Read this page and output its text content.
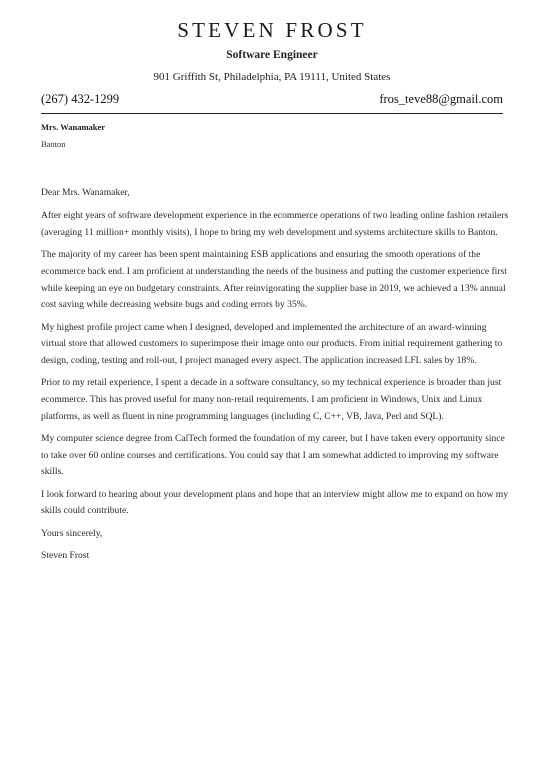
STEVEN FROST
Software Engineer
901 Griffith St, Philadelphia, PA 19111, United States
(267) 432-1299	fros_teve88@gmail.com
Mrs. Wanamaker
Banton

Dear Mrs. Wanamaker,

After eight years of software development experience in the ecommerce operations of two leading online fashion retailers (averaging 11 million+ monthly visits), I hope to bring my web development and systems architecture skills to Banton.

The majority of my career has been spent maintaining ESB applications and ensuring the smooth operations of the ecommerce back end. I am proficient at understanding the needs of the business and putting the customer experience first while keeping an eye on budgetary constraints. After reinvigorating the supplier base in 2019, we achieved a 13% annual cost saving while decreasing website bugs and coding errors by 35%.

My highest profile project came when I designed, developed and implemented the architecture of an award-winning virtual store that allowed customers to superimpose their image onto our products. From initial requirement gathering to design, coding, testing and roll-out, I project managed every aspect. The application increased LFL sales by 18%.

Prior to my retail experience, I spent a decade in a software consultancy, so my technical experience is broader than just ecommerce. This has proved useful for many non-retail requirements. I am proficient in Windows, Unix and Linux platforms, as well as fluent in nine programming languages (including C, C++, VB, Java, Perl and SQL).

My computer science degree from CalTech formed the foundation of my career, but I have taken every opportunity since to take over 60 online courses and certifications. You could say that I am somewhat addicted to improving my software skills.

I look forward to hearing about your development plans and hope that an interview might allow me to expand on how my skills could contribute.

Yours sincerely,

Steven Frost
